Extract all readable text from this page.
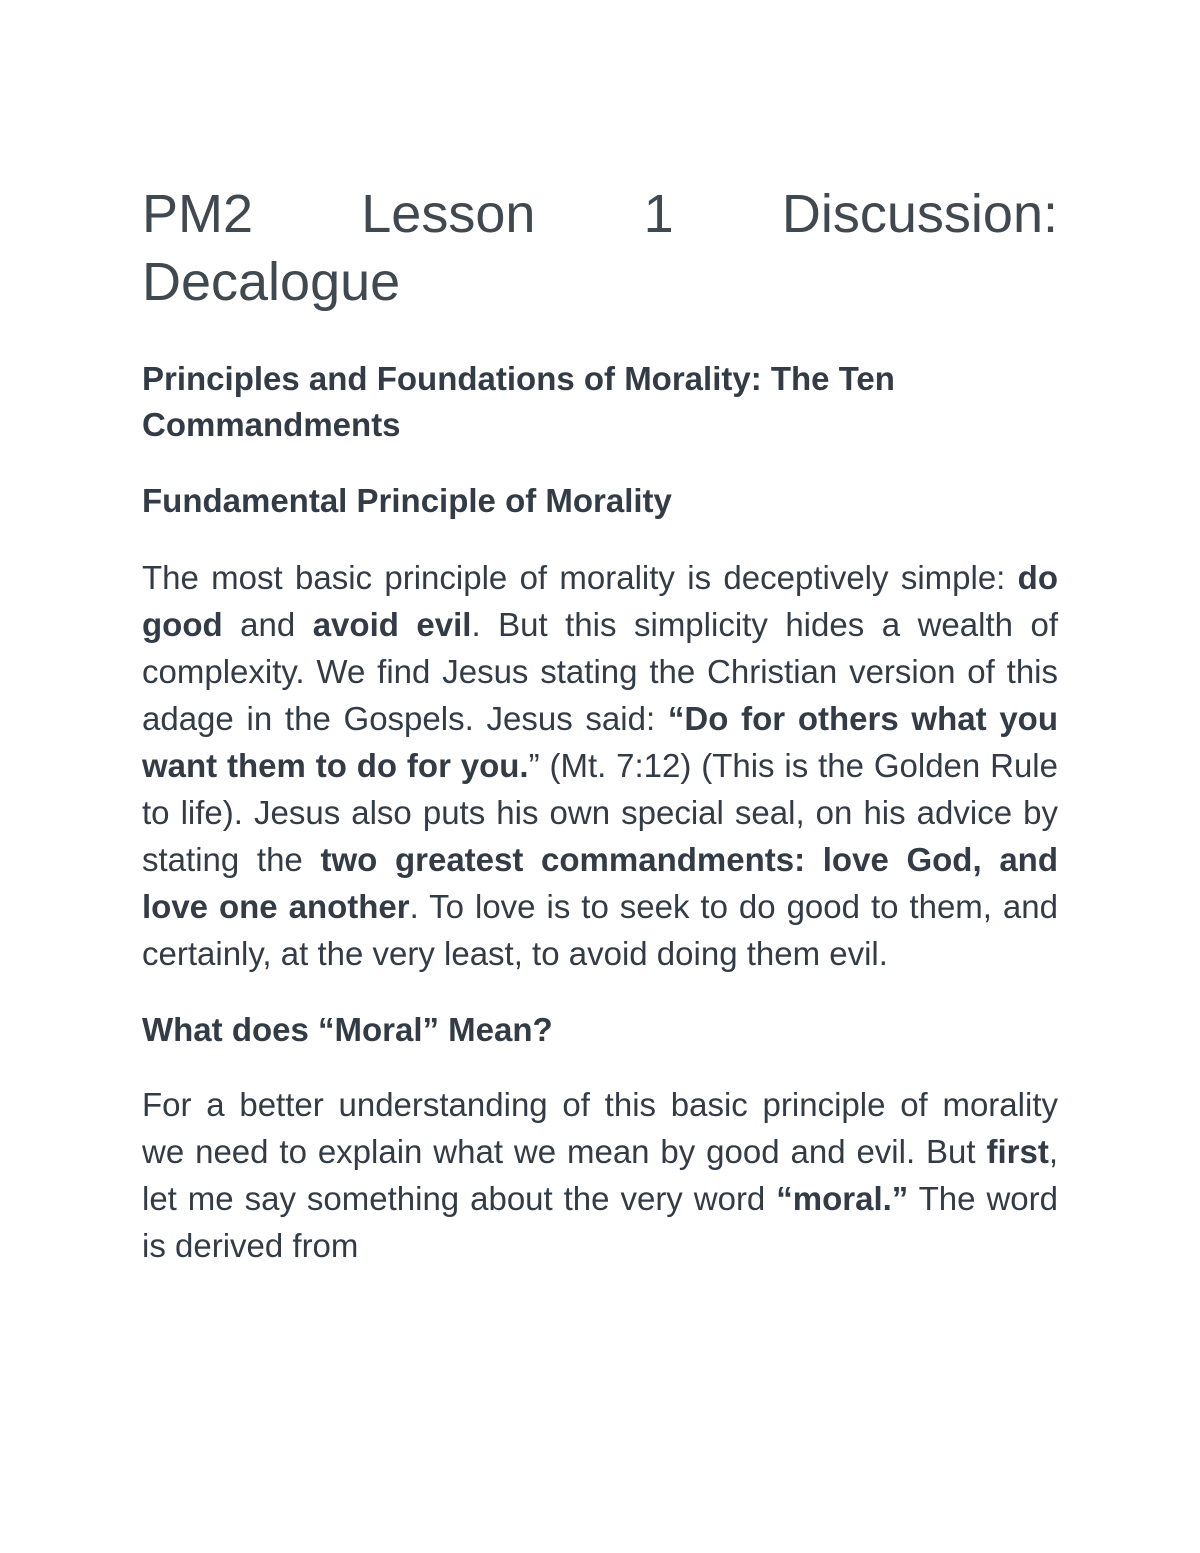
PM2 Lesson 1 Discussion:
Decalogue
Principles and Foundations of Morality: The Ten Commandments
Fundamental Principle of Morality

The most basic principle of morality is deceptively simple: do good and avoid evil. But this simplicity hides a wealth of complexity. We find Jesus stating the Christian version of this adage in the Gospels. Jesus said: “Do for others what you want them to do for you.” (Mt. 7:12) (This is the Golden Rule to life). Jesus also puts his own special seal, on his advice by stating the two greatest commandments: love God, and love one another. To love is to seek to do good to them, and certainly, at the very least, to avoid doing them evil.

What does “Moral” Mean?

For a better understanding of this basic principle of morality we need to explain what we mean by good and evil. But first, let me say something about the very word “moral.” The word is derived from
